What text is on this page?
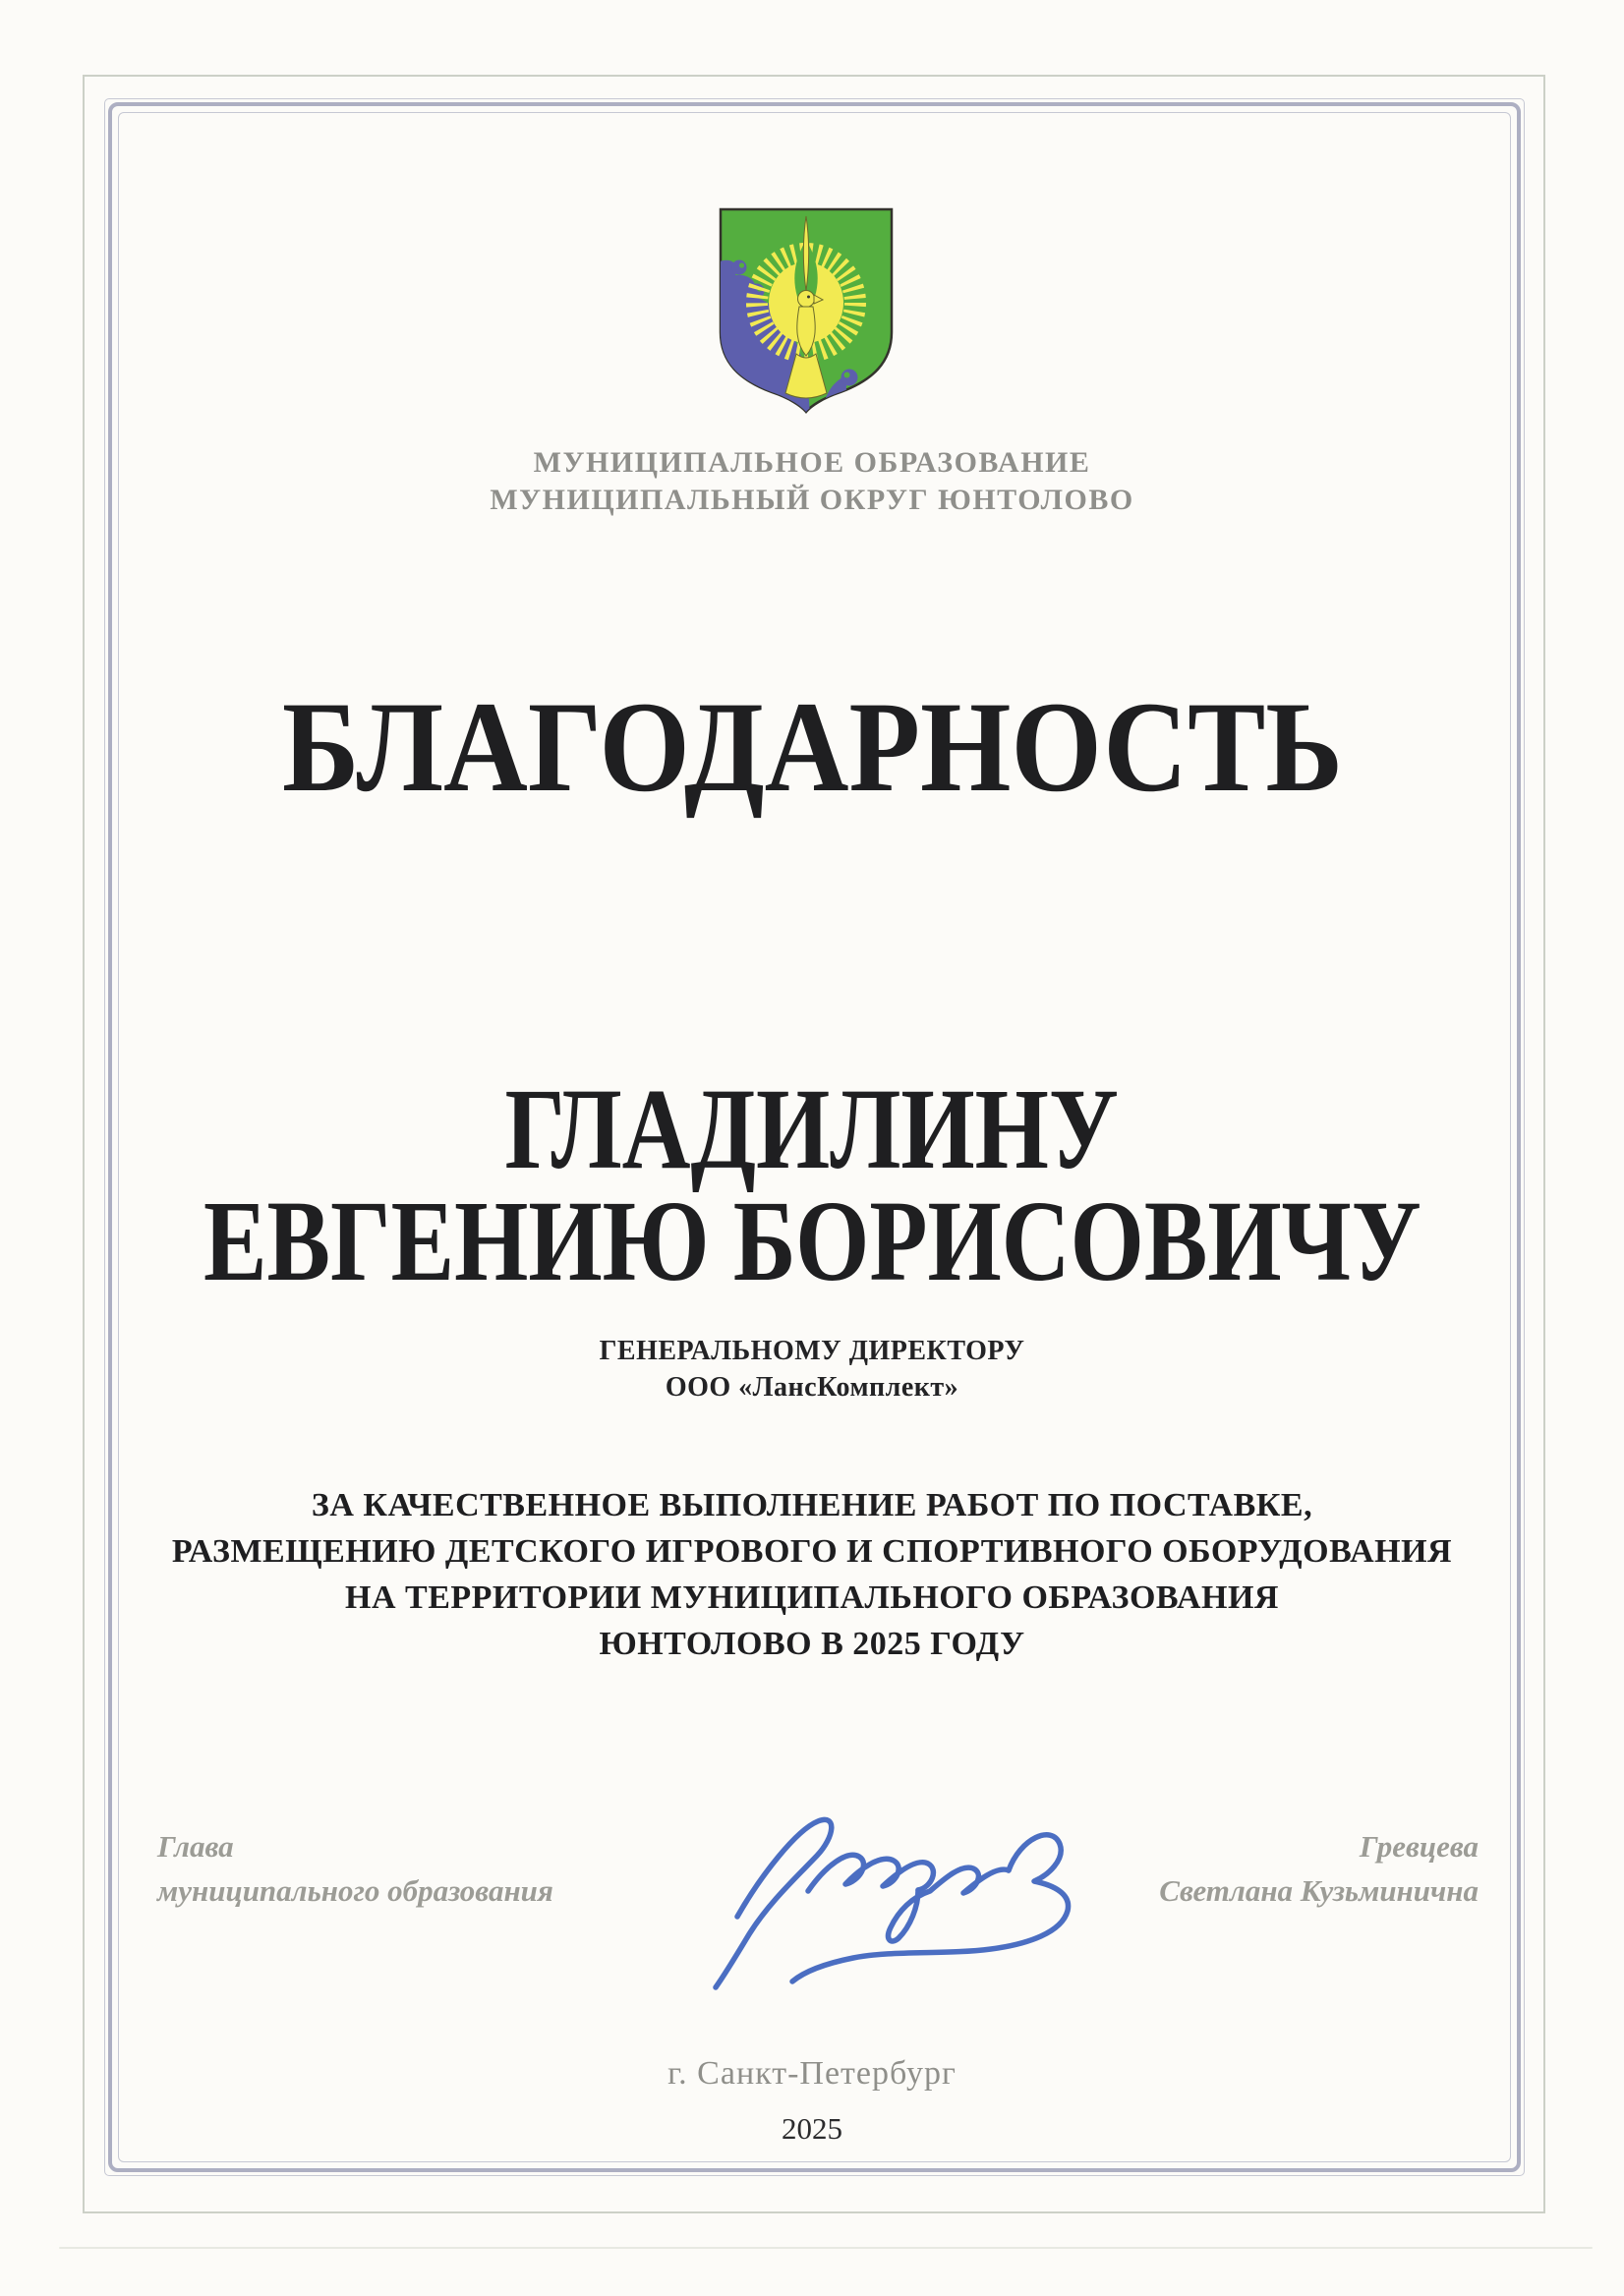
МУНИЦИПАЛЬНОЕ ОБРАЗОВАНИЕ
МУНИЦИПАЛЬНЫЙ ОКРУГ ЮНТОЛОВО
БЛАГОДАРНОСТЬ
ГЛАДИЛИНУ
ЕВГЕНИЮ БОРИСОВИЧУ
ГЕНЕРАЛЬНОМУ ДИРЕКТОРУ
ООО «ЛансКомплект»
ЗА КАЧЕСТВЕННОЕ ВЫПОЛНЕНИЕ РАБОТ ПО ПОСТАВКЕ,
РАЗМЕЩЕНИЮ ДЕТСКОГО ИГРОВОГО И СПОРТИВНОГО ОБОРУДОВАНИЯ
НА ТЕРРИТОРИИ МУНИЦИПАЛЬНОГО ОБРАЗОВАНИЯ
ЮНТОЛОВО В 2025 ГОДУ
Глава
муниципального образования
Гревцева
Светлана Кузьминична
г. Санкт-Петербург
2025
